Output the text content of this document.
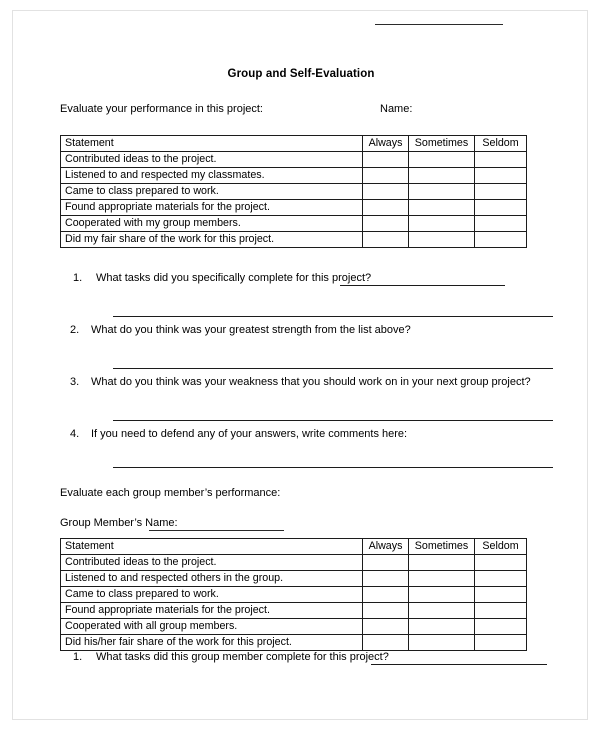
Group and Self-Evaluation
Evaluate your performance in this project:	Name:
Statement	Always	Sometimes	Seldom
Contributed ideas to the project.			
Listened to and respected my classmates.			
Came to class prepared to work.			
Found appropriate materials for the project.			
Cooperated with my group members.			
Did my fair share of the work for this project.			
1. What tasks did you specifically complete for this project?
2. What do you think was your greatest strength from the list above?
3. What do you think was your weakness that you should work on in your next group project?
4. If you need to defend any of your answers, write comments here:
Evaluate each group member’s performance:
Group Member’s Name:
Statement	Always	Sometimes	Seldom
Contributed ideas to the project.			
Listened to and respected others in the group.			
Came to class prepared to work.			
Found appropriate materials for the project.			
Cooperated with all group members.			
Did his/her fair share of the work for this project.			
1. What tasks did this group member complete for this project?
